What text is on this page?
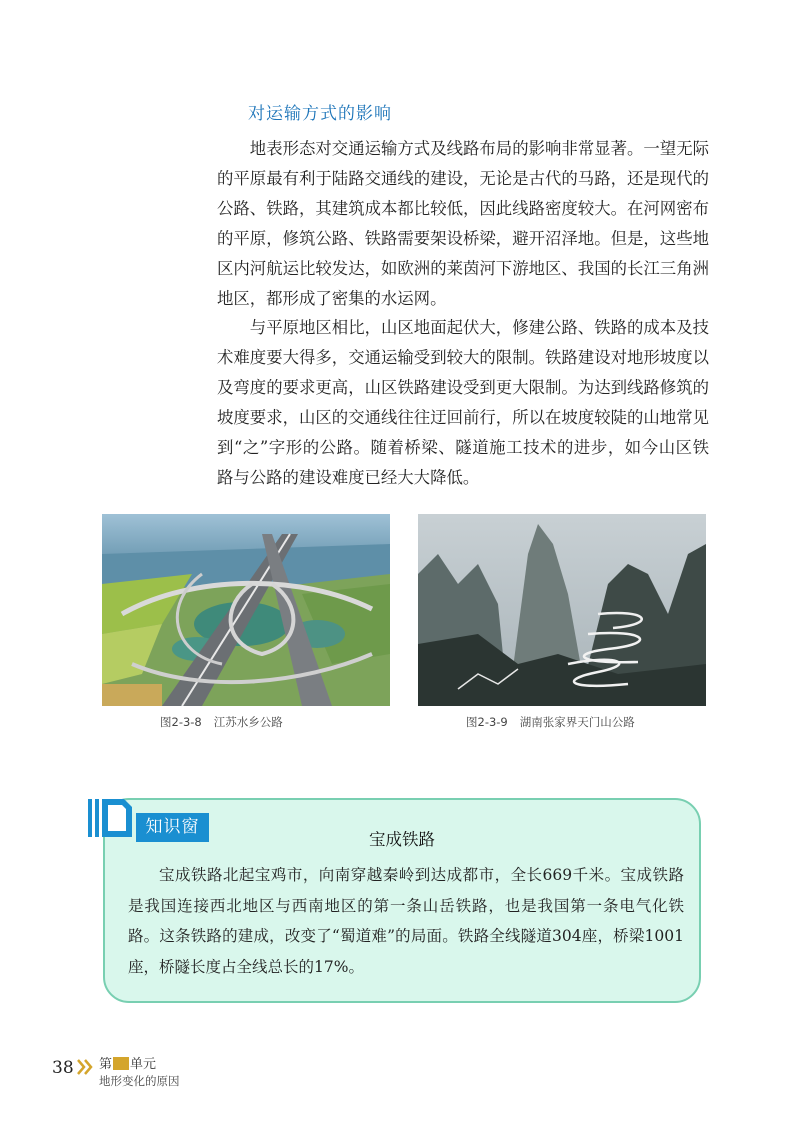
对运输方式的影响
地表形态对交通运输方式及线路布局的影响非常显著。一望无际的平原最有利于陆路交通线的建设，无论是古代的马路，还是现代的公路、铁路，其建筑成本都比较低，因此线路密度较大。在河网密布的平原，修筑公路、铁路需要架设桥梁，避开沼泽地。但是，这些地区内河航运比较发达，如欧洲的莱茵河下游地区、我国的长江三角洲地区，都形成了密集的水运网。
与平原地区相比，山区地面起伏大，修建公路、铁路的成本及技术难度要大得多，交通运输受到较大的限制。铁路建设对地形坡度以及弯度的要求更高，山区铁路建设受到更大限制。为达到线路修筑的坡度要求，山区的交通线往往迂回前行，所以在坡度较陡的山地常见到“之”字形的公路。随着桥梁、隧道施工技术的进步，如今山区铁路与公路的建设难度已经大大降低。
图2-3-8 江苏水乡公路	图2-3-9 湖南张家界天门山公路
知识窗
宝成铁路
宝成铁路北起宝鸡市，向南穿越秦岭到达成都市，全长669千米。宝成铁路是我国连接西北地区与西南地区的第一条山岳铁路，也是我国第一条电气化铁路。这条铁路的建成，改变了“蜀道难”的局面。铁路全线隧道304座，桥梁1001座，桥隧长度占全线总长的17%。
38 第 单元
地形变化的原因
